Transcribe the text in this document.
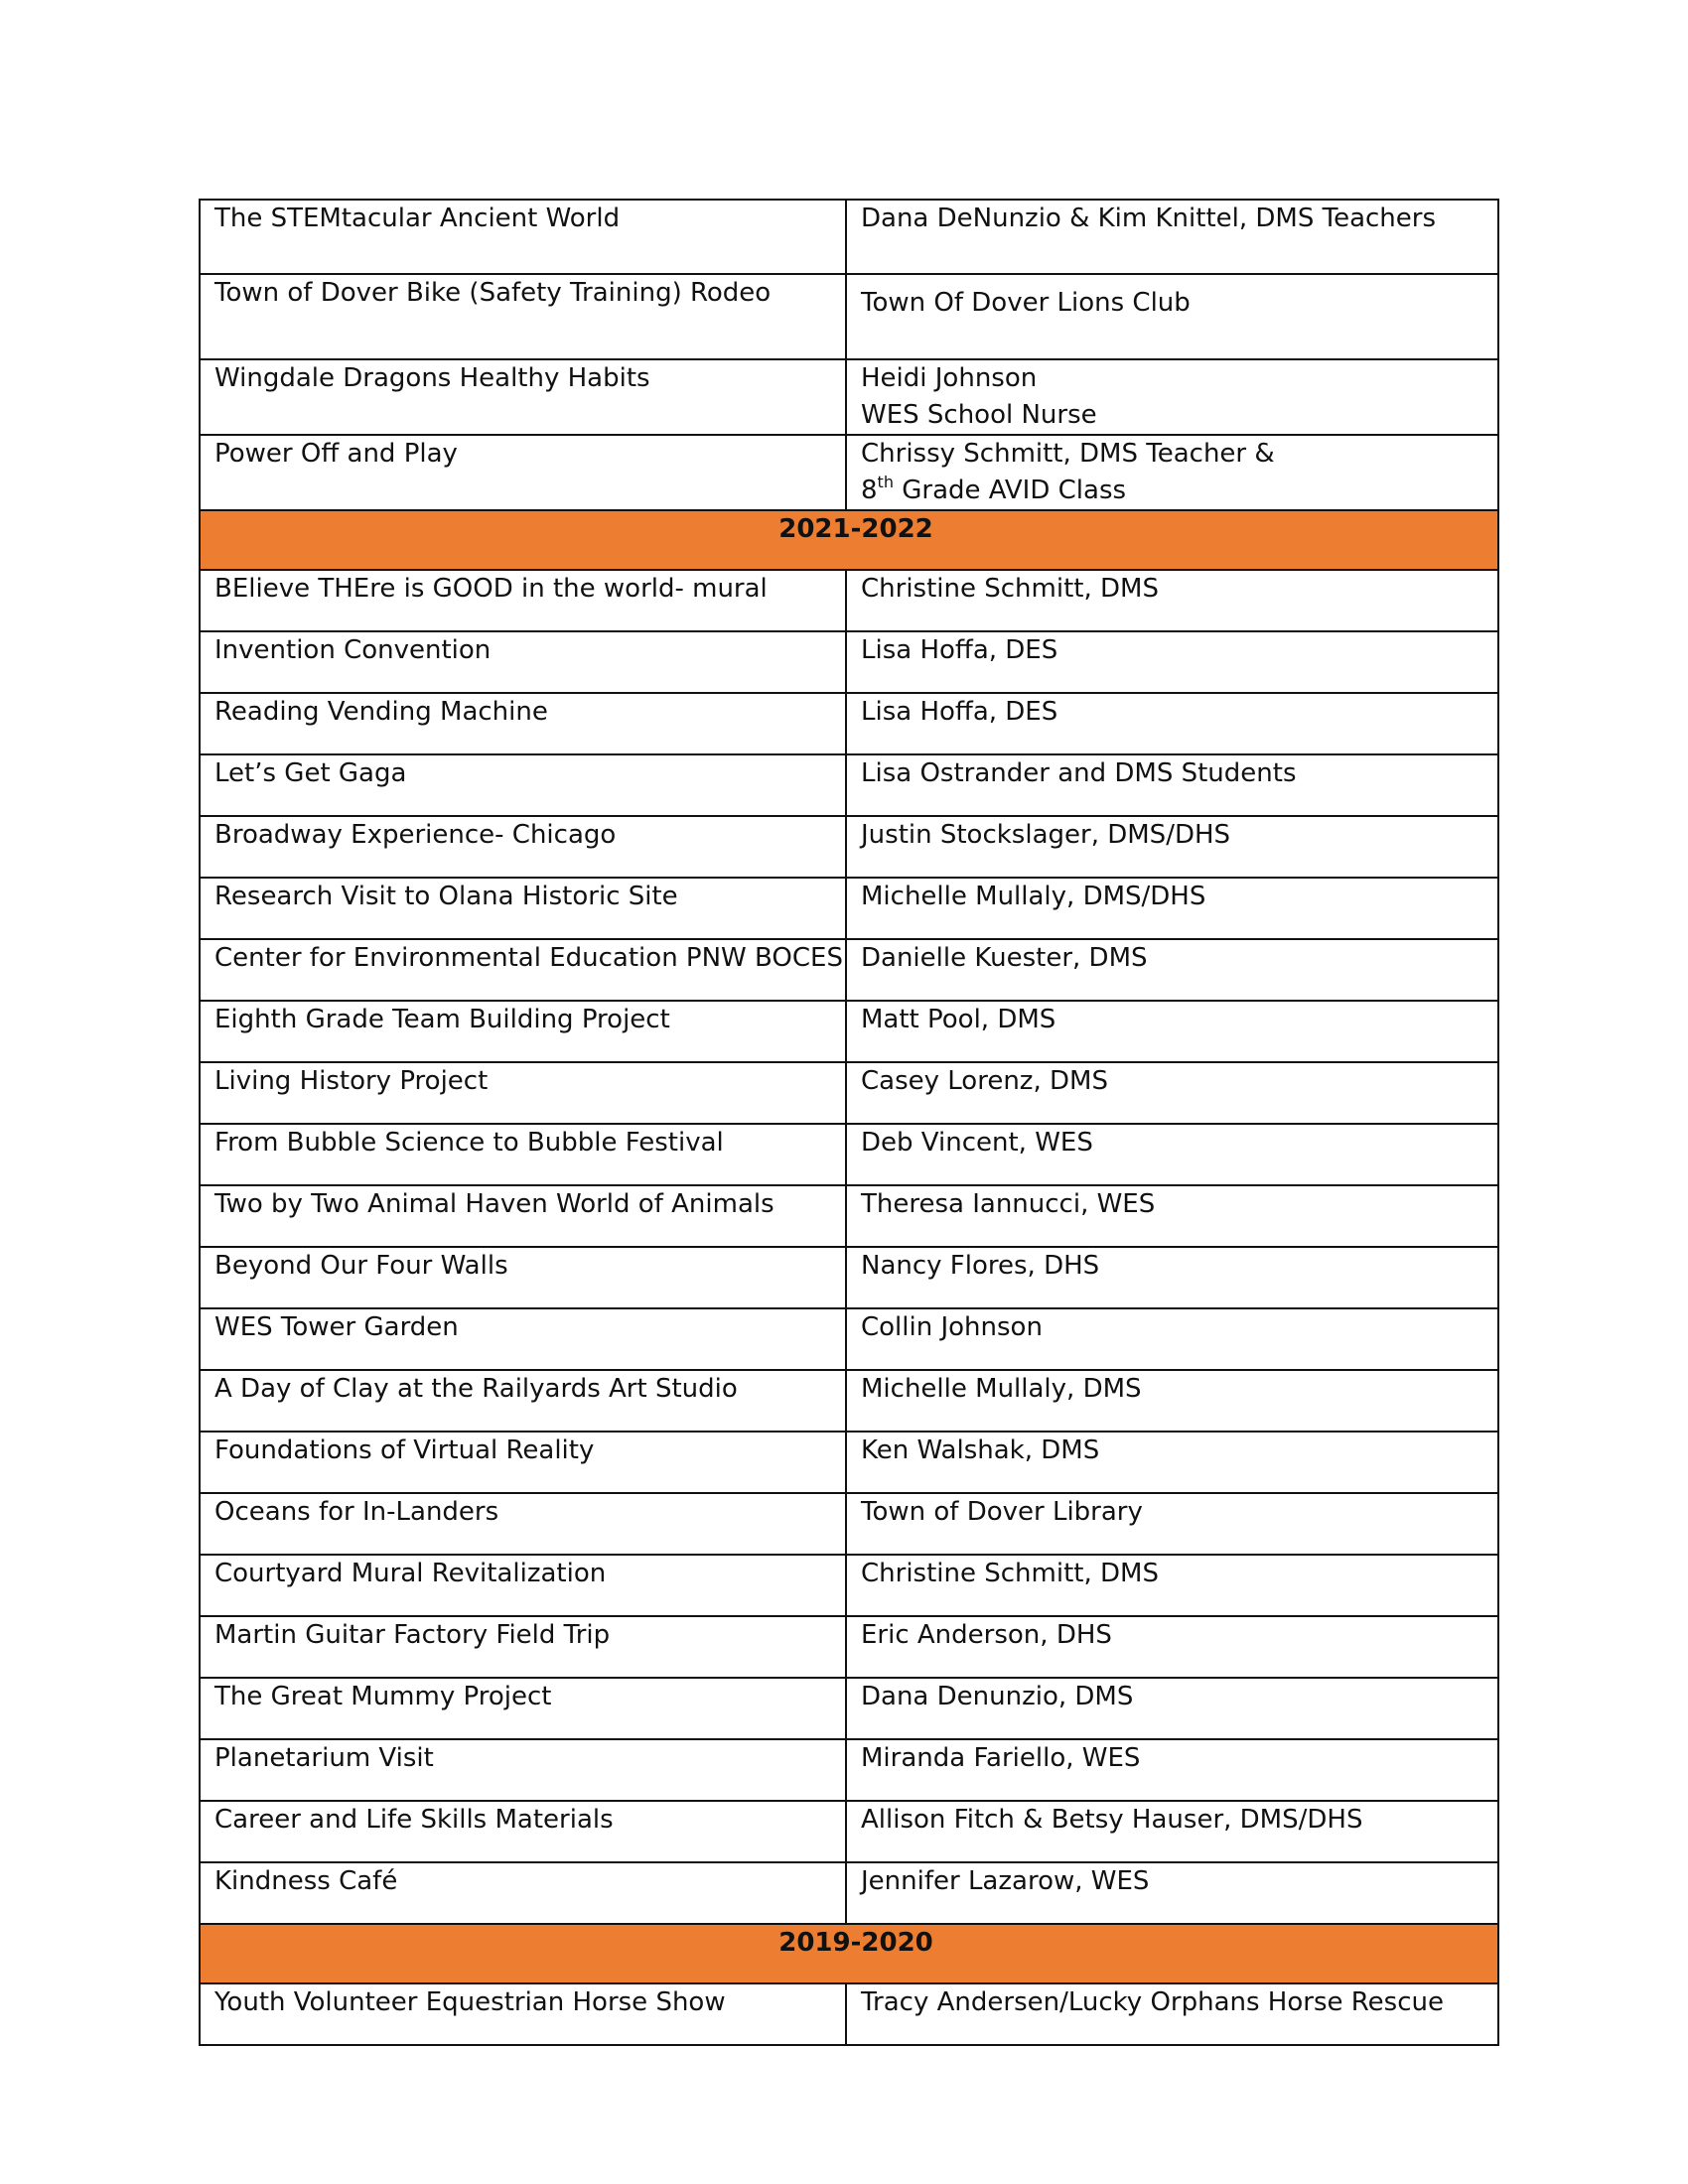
The STEMtacular Ancient World	Dana DeNunzio & Kim Knittel, DMS Teachers

Town of Dover Bike (Safety Training) Rodeo	Town Of Dover Lions Club

Wingdale Dragons Healthy Habits	Heidi Johnson
WES School Nurse

Power Off and Play	Chrissy Schmitt, DMS Teacher &
8th Grade AVID Class

2021-2022	
BElieve THEre is GOOD in the world- mural	Christine Schmitt, DMS
Invention Convention	Lisa Hoffa, DES
Reading Vending Machine	Lisa Hoffa, DES
Let’s Get Gaga	Lisa Ostrander and DMS Students
Broadway Experience- Chicago	Justin Stockslager, DMS/DHS
Research Visit to Olana Historic Site	Michelle Mullaly, DMS/DHS
Center for Environmental Education PNW BOCES	Danielle Kuester, DMS
Eighth Grade Team Building Project	Matt Pool, DMS
Living History Project	Casey Lorenz, DMS
From Bubble Science to Bubble Festival	Deb Vincent, WES
Two by Two Animal Haven World of Animals	Theresa Iannucci, WES
Beyond Our Four Walls	Nancy Flores, DHS
WES Tower Garden	Collin Johnson
A Day of Clay at the Railyards Art Studio	Michelle Mullaly, DMS
Foundations of Virtual Reality	Ken Walshak, DMS
Oceans for In-Landers	Town of Dover Library
Courtyard Mural Revitalization	Christine Schmitt, DMS
Martin Guitar Factory Field Trip	Eric Anderson, DHS
The Great Mummy Project	Dana Denunzio, DMS
Planetarium Visit	Miranda Fariello, WES
Career and Life Skills Materials	Allison Fitch & Betsy Hauser, DMS/DHS
Kindness Café	Jennifer Lazarow, WES
2019-2020	
Youth Volunteer Equestrian Horse Show	Tracy Andersen/Lucky Orphans Horse Rescue
